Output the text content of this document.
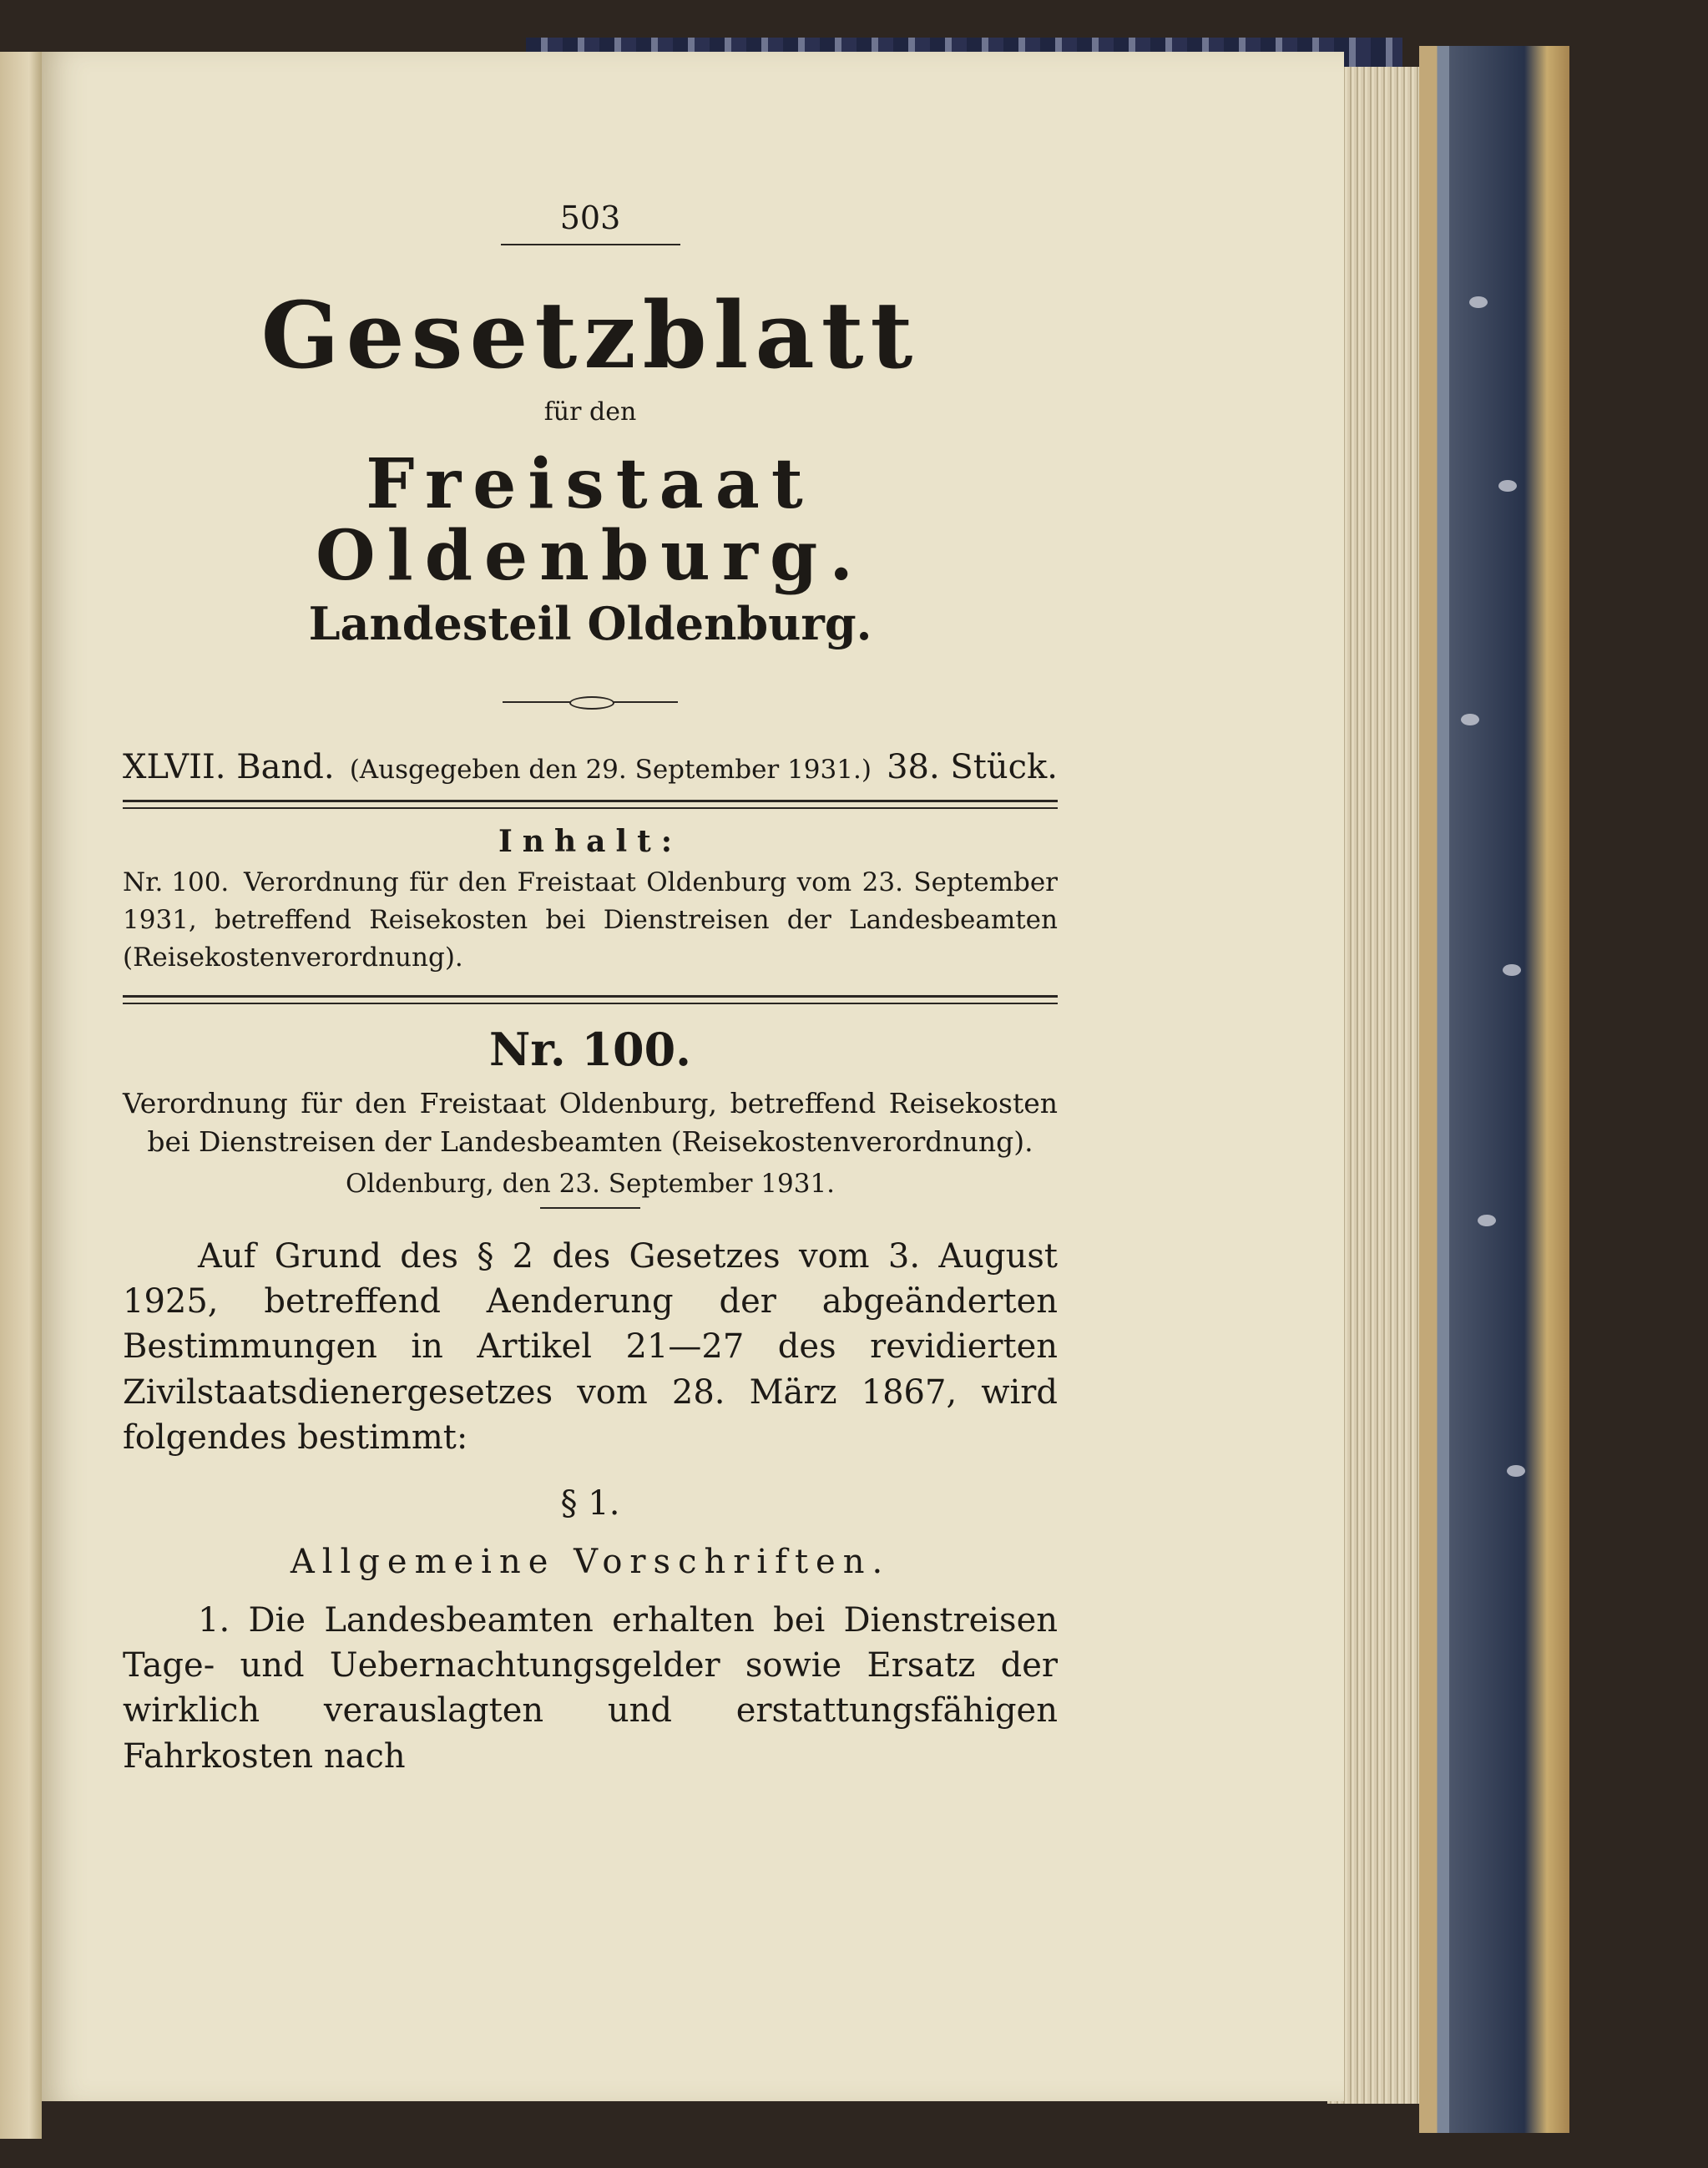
503
Gesetzblatt
für den
Freistaat Oldenburg.
Landesteil Oldenburg.
XLVII. Band. (Ausgegeben den 29. September 1931.) 38. Stück.
Inhalt:
Nr. 100. Verordnung für den Freistaat Oldenburg vom 23. September 1931, betreffend Reisekosten bei Dienstreisen der Landesbeamten (Reisekostenverordnung).
Nr. 100.
Verordnung für den Freistaat Oldenburg, betreffend Reisekosten bei Dienstreisen der Landesbeamten (Reisekostenverordnung).
Oldenburg, den 23. September 1931.
Auf Grund des § 2 des Gesetzes vom 3. August 1925, betreffend Aenderung der abgeänderten Bestimmungen in Artikel 21—27 des revidierten Zivilstaatsdienergesetzes vom 28. März 1867, wird folgendes bestimmt:
§ 1.
Allgemeine Vorschriften.
1. Die Landesbeamten erhalten bei Dienstreisen Tage- und Uebernachtungsgelder sowie Ersatz der wirklich verauslagten und erstattungsfähigen Fahrkosten nach
